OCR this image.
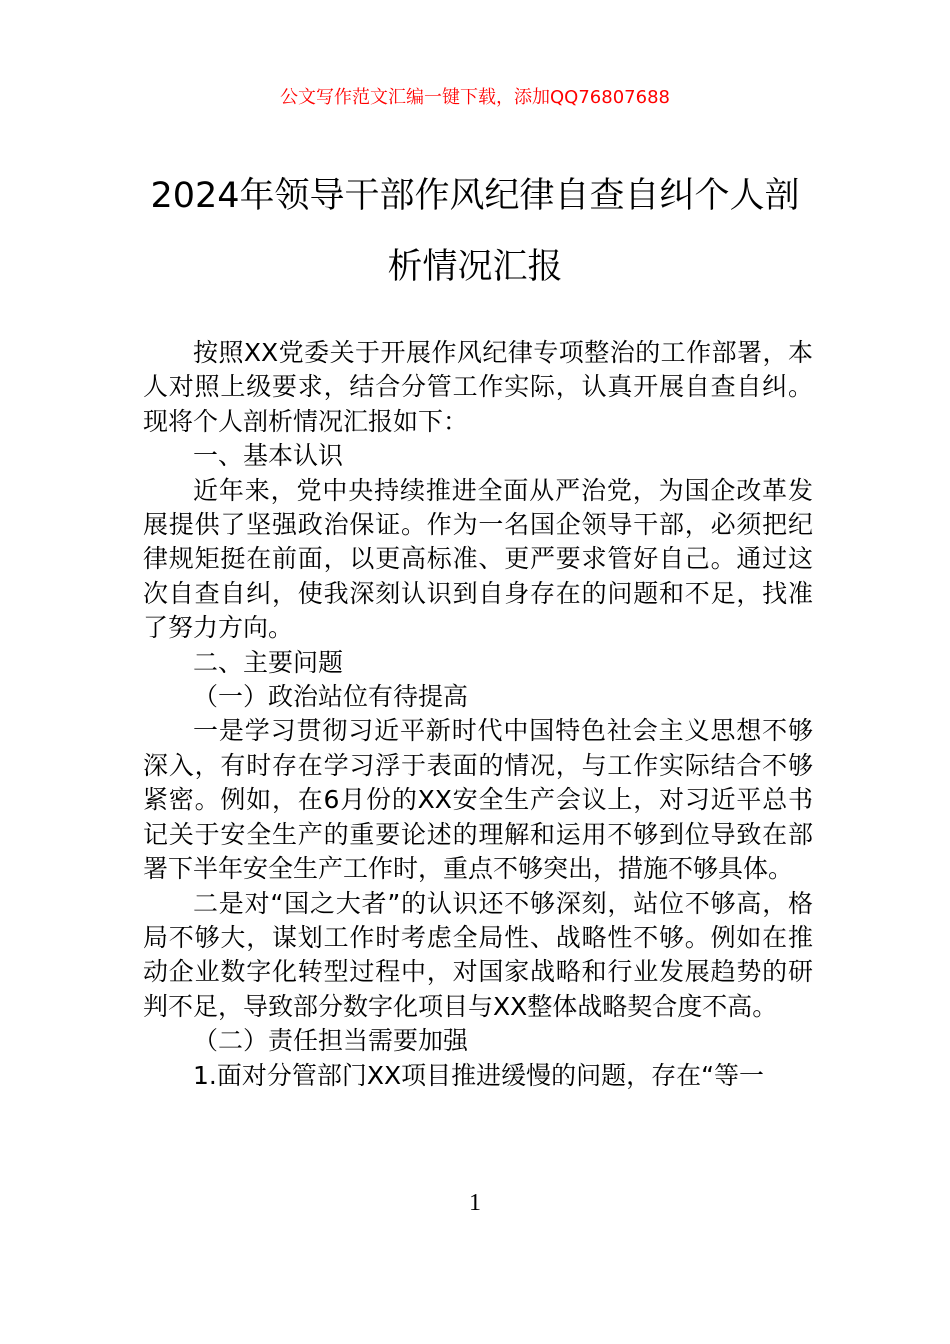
公文写作范文汇编一键下载，添加QQ76807688
2024年领导干部作风纪律自查自纠个人剖
析情况汇报

按照XX党委关于开展作风纪律专项整治的工作部署，本人对照上级要求，结合分管工作实际，认真开展自查自纠。现将个人剖析情况汇报如下：

一、基本认识

近年来，党中央持续推进全面从严治党，为国企改革发展提供了坚强政治保证。作为一名国企领导干部，必须把纪律规矩挺在前面，以更高标准、更严要求管好自己。通过这次自查自纠，使我深刻认识到自身存在的问题和不足，找准了努力方向。

二、主要问题

（一）政治站位有待提高

一是学习贯彻习近平新时代中国特色社会主义思想不够深入，有时存在学习浮于表面的情况，与工作实际结合不够紧密。例如，在6月份的XX安全生产会议上，对习近平总书记关于安全生产的重要论述的理解和运用不够到位导致在部署下半年安全生产工作时，重点不够突出，措施不够具体。

二是对“国之大者”的认识还不够深刻，站位不够高，格局不够大，谋划工作时考虑全局性、战略性不够。例如在推动企业数字化转型过程中，对国家战略和行业发展趋势的研判不足，导致部分数字化项目与XX整体战略契合度不高。

（二）责任担当需要加强

1.面对分管部门XX项目推进缓慢的问题，存在“等一

1
